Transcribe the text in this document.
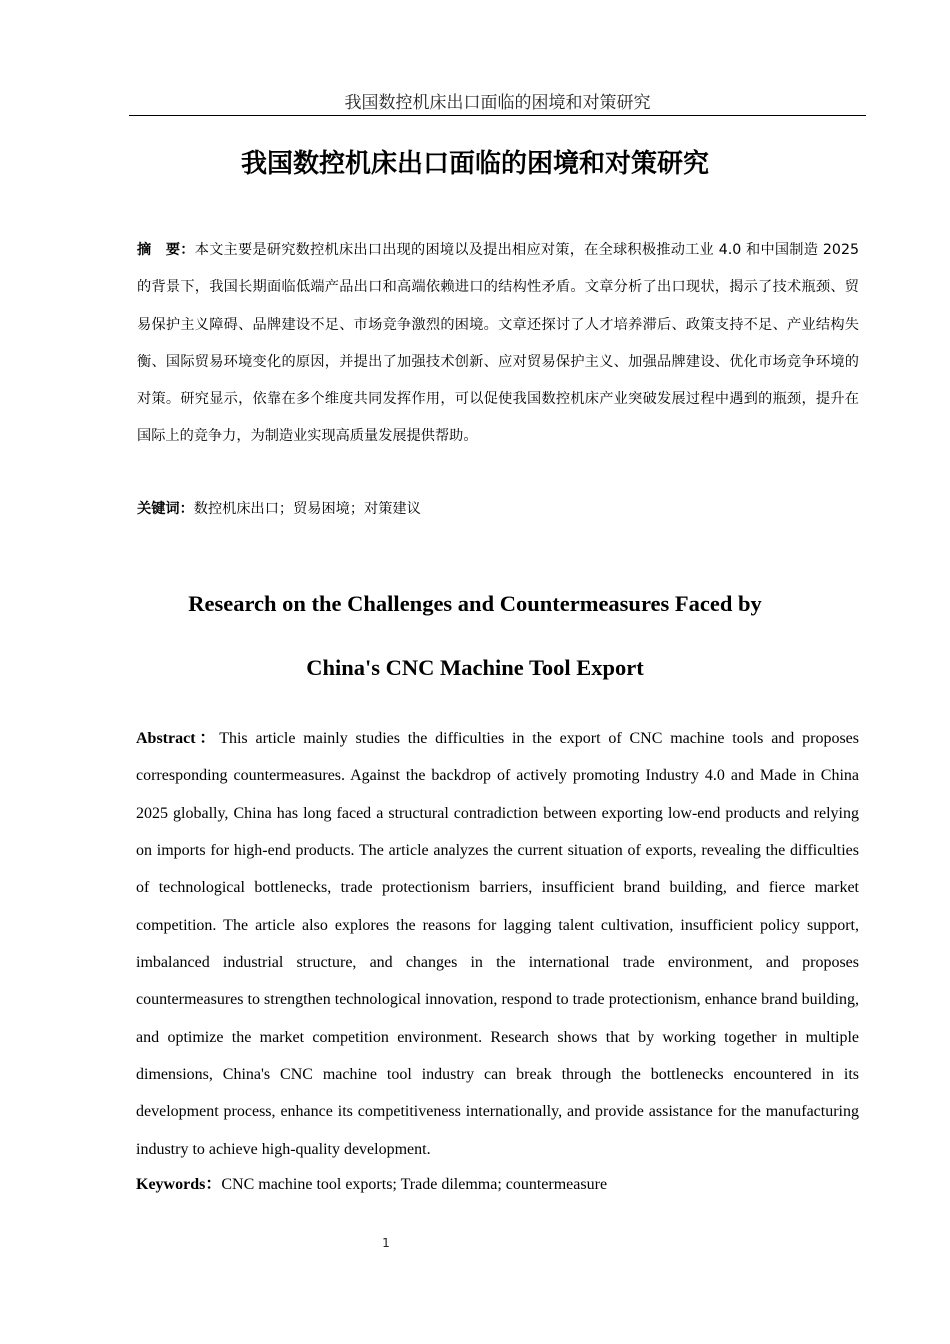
我国数控机床出口面临的困境和对策研究
我国数控机床出口面临的困境和对策研究

摘　要：本文主要是研究数控机床出口出现的困境以及提出相应对策，在全球积极推动工业 4.0 和中国制造 2025 的背景下，我国长期面临低端产品出口和高端依赖进口的结构性矛盾。文章分析了出口现状，揭示了技术瓶颈、贸易保护主义障碍、品牌建设不足、市场竞争激烈的困境。文章还探讨了人才培养滞后、政策支持不足、产业结构失衡、国际贸易环境变化的原因，并提出了加强技术创新、应对贸易保护主义、加强品牌建设、优化市场竞争环境的对策。研究显示，依靠在多个维度共同发挥作用，可以促使我国数控机床产业突破发展过程中遇到的瓶颈，提升在国际上的竞争力，为制造业实现高质量发展提供帮助。

关键词：数控机床出口；贸易困境；对策建议

Research on the Challenges and Countermeasures Faced by
China's CNC Machine Tool Export

Abstract：This article mainly studies the difficulties in the export of CNC machine tools and proposes corresponding countermeasures. Against the backdrop of actively promoting Industry 4.0 and Made in China 2025 globally, China has long faced a structural contradiction between exporting low-end products and relying on imports for high-end products. The article analyzes the current situation of exports, revealing the difficulties of technological bottlenecks, trade protectionism barriers, insufficient brand building, and fierce market competition. The article also explores the reasons for lagging talent cultivation, insufficient policy support, imbalanced industrial structure, and changes in the international trade environment, and proposes countermeasures to strengthen technological innovation, respond to trade protectionism, enhance brand building, and optimize the market competition environment. Research shows that by working together in multiple dimensions, China's CNC machine tool industry can break through the bottlenecks encountered in its development process, enhance its competitiveness internationally, and provide assistance for the manufacturing industry to achieve high-quality development.

Keywords：CNC machine tool exports; Trade dilemma; countermeasure

1
